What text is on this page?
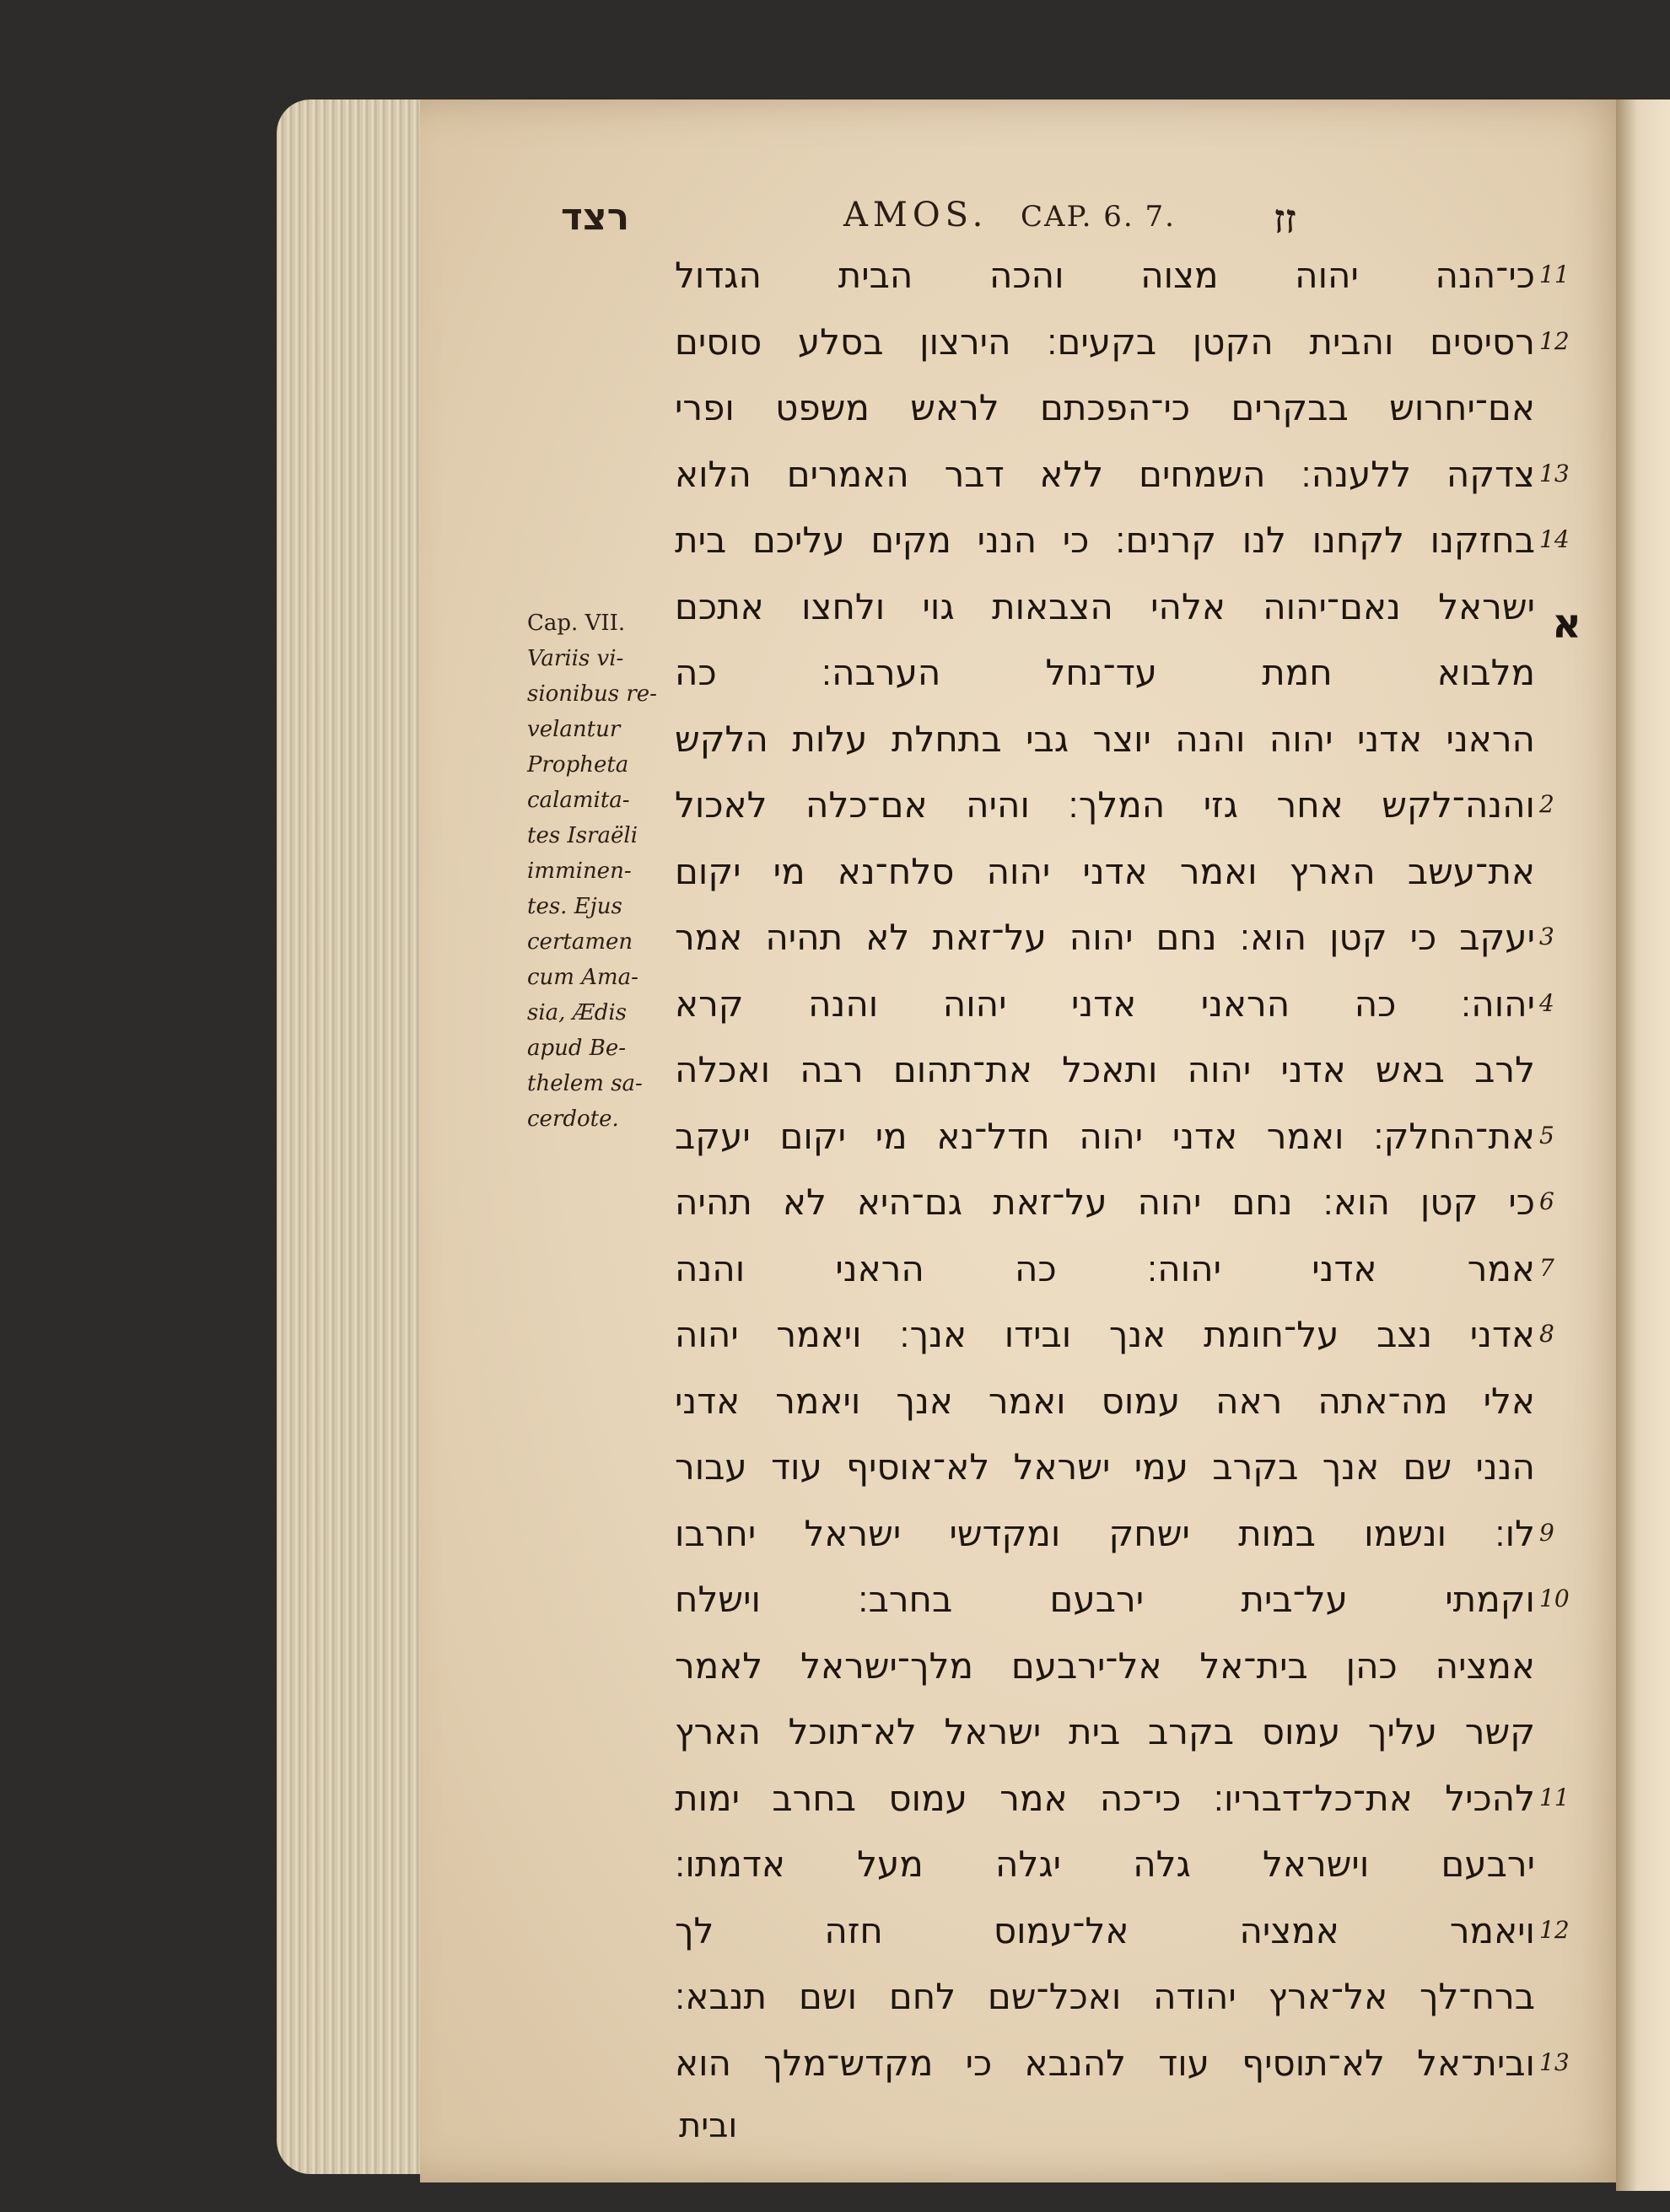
רצד	AMOS. CAP. 6. 7. זז
Cap. VII.
Variis vi-
sionibus re-
velantur
Propheta
calamita-
tes Israëli
imminen-
tes. Ejus
certamen
cum Ama-
sia, Ædis
apud Be-
thelem sa-
cerdote.
א
כי־הנה יהוה מצוה והכה הבית הגדול 11
רסיסים והבית הקטן בקעים׃ הירצון בסלע סוסים 12
אם־יחרוש בבקרים כי־הפכתם לראש משפט ופרי
צדקה ללענה׃ השמחים ללא דבר האמרים הלוא 13
בחזקנו לקחנו לנו קרנים׃ כי הנני מקים עליכם בית 14
ישראל נאם־יהוה אלהי הצבאות גוי ולחצו אתכם
מלבוא חמת עד־נחל הערבה׃ כה
הראני אדני יהוה והנה יוצר גבי בתחלת עלות הלקש
והנה־לקש אחר גזי המלך׃ והיה אם־כלה לאכול 2
את־עשב הארץ ואמר אדני יהוה סלח־נא מי יקום
יעקב כי קטן הוא׃ נחם יהוה על־זאת לא תהיה אמר 3
יהוה׃ כה הראני אדני יהוה והנה קרא 4
לרב באש אדני יהוה ותאכל את־תהום רבה ואכלה
את־החלק׃ ואמר אדני יהוה חדל־נא מי יקום יעקב 5
כי קטן הוא׃ נחם יהוה על־זאת גם־היא לא תהיה 6
אמר אדני יהוה׃ כה הראני והנה 7
אדני נצב על־חומת אנך ובידו אנך׃ ויאמר יהוה 8
אלי מה־אתה ראה עמוס ואמר אנך ויאמר אדני
הנני שם אנך בקרב עמי ישראל לא־אוסיף עוד עבור
לו׃ ונשמו במות ישחק ומקדשי ישראל יחרבו 9
וקמתי על־בית ירבעם בחרב׃ וישלח 10
אמציה כהן בית־אל אל־ירבעם מלך־ישראל לאמר
קשר עליך עמוס בקרב בית ישראל לא־תוכל הארץ
להכיל את־כל־דבריו׃ כי־כה אמר עמוס בחרב ימות 11
ירבעם וישראל גלה יגלה מעל אדמתו׃
ויאמר אמציה אל־עמוס חזה לך 12
ברח־לך אל־ארץ יהודה ואכל־שם לחם ושם תנבא׃
ובית־אל לא־תוסיף עוד להנבא כי מקדש־מלך הוא 13
ובית
